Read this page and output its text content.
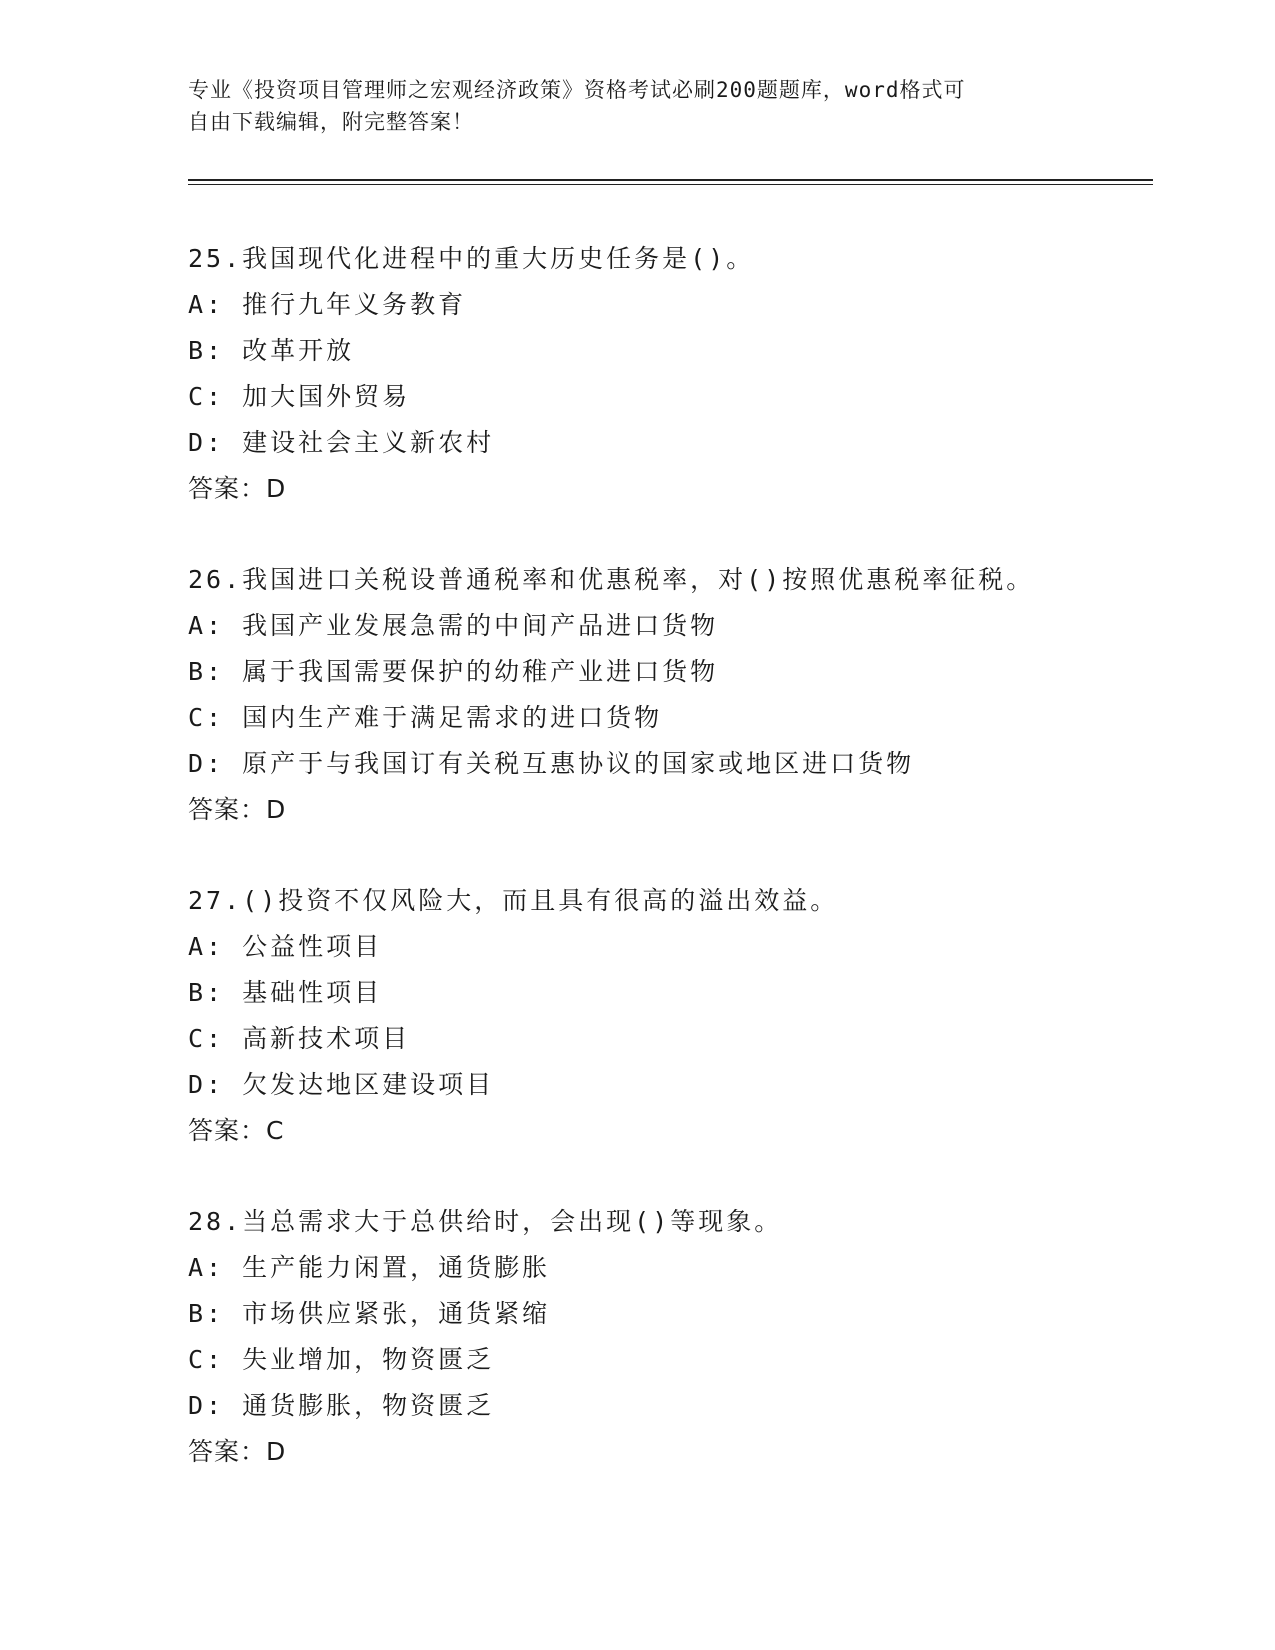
专业《投资项目管理师之宏观经济政策》资格考试必刷200题题库，word格式可
自由下载编辑，附完整答案！
25.我国现代化进程中的重大历史任务是()。
A: 推行九年义务教育
B: 改革开放
C: 加大国外贸易
D: 建设社会主义新农村
答案：D
26.我国进口关税设普通税率和优惠税率，对()按照优惠税率征税。
A: 我国产业发展急需的中间产品进口货物
B: 属于我国需要保护的幼稚产业进口货物
C: 国内生产难于满足需求的进口货物
D: 原产于与我国订有关税互惠协议的国家或地区进口货物
答案：D
27.()投资不仅风险大，而且具有很高的溢出效益。
A: 公益性项目
B: 基础性项目
C: 高新技术项目
D: 欠发达地区建设项目
答案：C
28.当总需求大于总供给时，会出现()等现象。
A: 生产能力闲置，通货膨胀
B: 市场供应紧张，通货紧缩
C: 失业增加，物资匮乏
D: 通货膨胀，物资匮乏
答案：D
